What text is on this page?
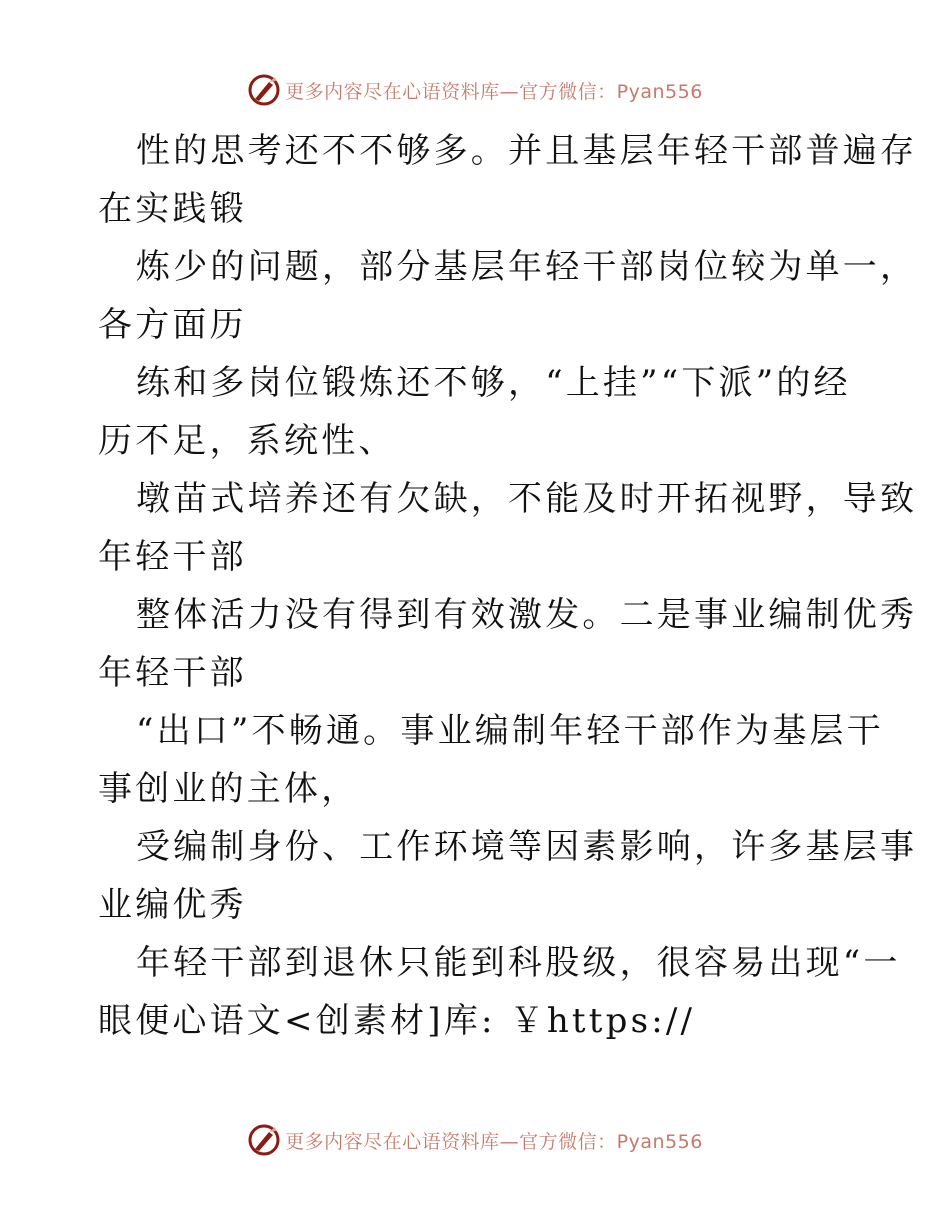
更多内容尽在心语资料库—官方微信：Pyan556
性的思考还不不够多。并且基层年轻干部普遍存
在实践锻
炼少的问题，部分基层年轻干部岗位较为单一，
各方面历
练和多岗位锻炼还不够，“上挂”“下派”的经
历不足，系统性、
墩苗式培养还有欠缺，不能及时开拓视野，导致
年轻干部
整体活力没有得到有效激发。二是事业编制优秀
年轻干部
“出口”不畅通。事业编制年轻干部作为基层干
事创业的主体，
受编制身份、工作环境等因素影响，许多基层事
业编优秀
年轻干部到退休只能到科股级，很容易出现“一
眼便心语文<创素材]库: ￥https://
更多内容尽在心语资料库—官方微信：Pyan556
